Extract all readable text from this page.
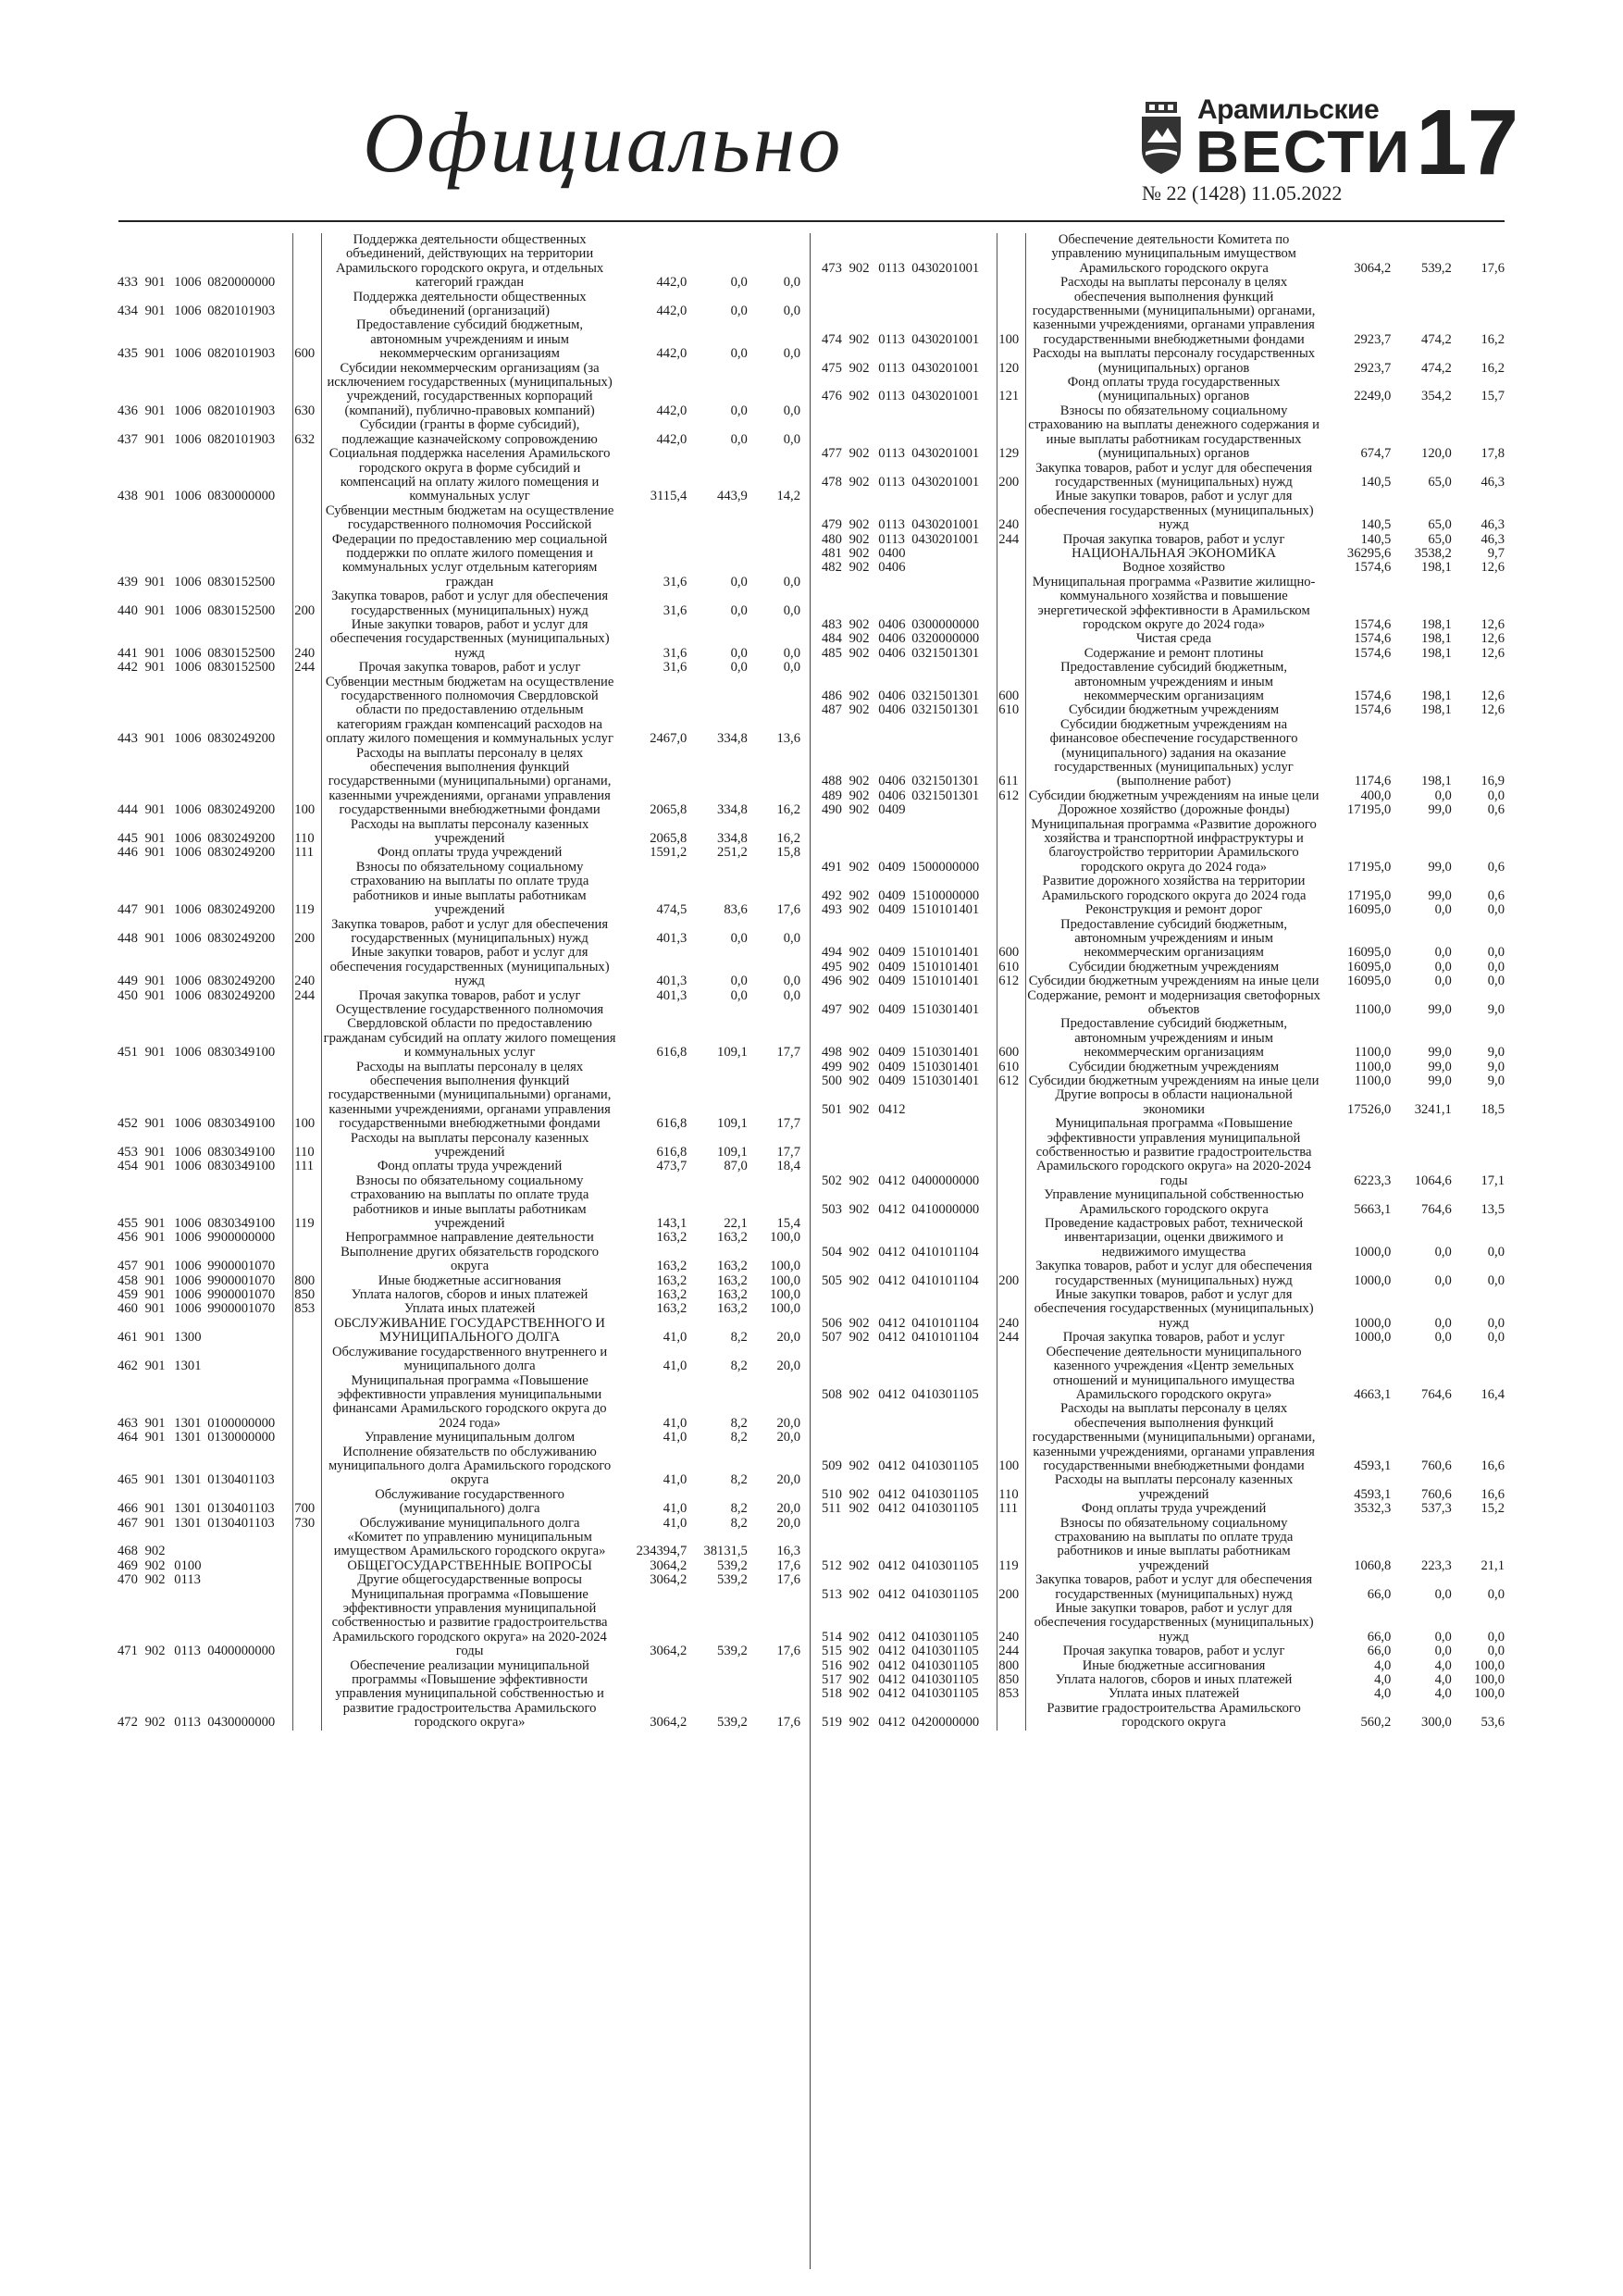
Официально	Арамильские
ВЕСТИ
№ 22 (1428) 11.05.2022 17
433	901	1006	0820000000		Поддержка деятельности общественных объединений, действующих на территории Арамильского городского округа, и отдельных категорий граждан	442,0	0,0	0,0
434	901	1006	0820101903		Поддержка деятельности общественных объединений (организаций)	442,0	0,0	0,0
435	901	1006	0820101903	600	Предоставление субсидий бюджетным, автономным учреждениям и иным некоммерческим организациям	442,0	0,0	0,0
436	901	1006	0820101903	630	Субсидии некоммерческим организациям (за исключением государственных (муниципальных) учреждений, государственных корпораций (компаний), публично-правовых компаний)	442,0	0,0	0,0
437	901	1006	0820101903	632	Субсидии (гранты в форме субсидий), подлежащие казначейскому сопровождению	442,0	0,0	0,0
438	901	1006	0830000000		Социальная поддержка населения Арамильского городского округа в форме субсидий и компенсаций на оплату жилого помещения и коммунальных услуг	3115,4	443,9	14,2
439	901	1006	0830152500		Субвенции местным бюджетам на осуществление государственного полномочия Российской Федерации по предоставлению мер социальной поддержки по оплате жилого помещения и коммунальных услуг отдельным категориям граждан	31,6	0,0	0,0
440	901	1006	0830152500	200	Закупка товаров, работ и услуг для обеспечения государственных (муниципальных) нужд	31,6	0,0	0,0
441	901	1006	0830152500	240	Иные закупки товаров, работ и услуг для обеспечения государственных (муниципальных) нужд	31,6	0,0	0,0
442	901	1006	0830152500	244	Прочая закупка товаров, работ и услуг	31,6	0,0	0,0
443	901	1006	0830249200		Субвенции местным бюджетам на осуществление государственного полномочия Свердловской области по предоставлению отдельным категориям граждан компенсаций расходов на оплату жилого помещения и коммунальных услуг	2467,0	334,8	13,6
444	901	1006	0830249200	100	Расходы на выплаты персоналу в целях обеспечения выполнения функций государственными (муниципальными) органами, казенными учреждениями, органами управления государственными внебюджетными фондами	2065,8	334,8	16,2
445	901	1006	0830249200	110	Расходы на выплаты персоналу казенных учреждений	2065,8	334,8	16,2
446	901	1006	0830249200	111	Фонд оплаты труда учреждений	1591,2	251,2	15,8
447	901	1006	0830249200	119	Взносы по обязательному социальному страхованию на выплаты по оплате труда работников и иные выплаты работникам учреждений	474,5	83,6	17,6
448	901	1006	0830249200	200	Закупка товаров, работ и услуг для обеспечения государственных (муниципальных) нужд	401,3	0,0	0,0
449	901	1006	0830249200	240	Иные закупки товаров, работ и услуг для обеспечения государственных (муниципальных) нужд	401,3	0,0	0,0
450	901	1006	0830249200	244	Прочая закупка товаров, работ и услуг	401,3	0,0	0,0
451	901	1006	0830349100		Осуществление государственного полномочия Свердловской области по предоставлению гражданам субсидий на оплату жилого помещения и коммунальных услуг	616,8	109,1	17,7
452	901	1006	0830349100	100	Расходы на выплаты персоналу в целях обеспечения выполнения функций государственными (муниципальными) органами, казенными учреждениями, органами управления государственными внебюджетными фондами	616,8	109,1	17,7
453	901	1006	0830349100	110	Расходы на выплаты персоналу казенных учреждений	616,8	109,1	17,7
454	901	1006	0830349100	111	Фонд оплаты труда учреждений	473,7	87,0	18,4
455	901	1006	0830349100	119	Взносы по обязательному социальному страхованию на выплаты по оплате труда работников и иные выплаты работникам учреждений	143,1	22,1	15,4
456	901	1006	9900000000		Непрограммное направление деятельности	163,2	163,2	100,0
457	901	1006	9900001070		Выполнение других обязательств городского округа	163,2	163,2	100,0
458	901	1006	9900001070	800	Иные бюджетные ассигнования	163,2	163,2	100,0
459	901	1006	9900001070	850	Уплата налогов, сборов и иных платежей	163,2	163,2	100,0
460	901	1006	9900001070	853	Уплата иных платежей	163,2	163,2	100,0
461	901	1300			ОБСЛУЖИВАНИЕ ГОСУДАРСТВЕННОГО И МУНИЦИПАЛЬНОГО ДОЛГА	41,0	8,2	20,0
462	901	1301			Обслуживание государственного внутреннего и муниципального долга	41,0	8,2	20,0
463	901	1301	0100000000		Муниципальная программа «Повышение эффективности управления муниципальными финансами Арамильского городского округа до 2024 года»	41,0	8,2	20,0
464	901	1301	0130000000		Управление муниципальным долгом	41,0	8,2	20,0
465	901	1301	0130401103		Исполнение обязательств по обслуживанию муниципального долга Арамильского городского округа	41,0	8,2	20,0
466	901	1301	0130401103	700	Обслуживание государственного (муниципального) долга	41,0	8,2	20,0
467	901	1301	0130401103	730	Обслуживание муниципального долга	41,0	8,2	20,0
468	902				«Комитет по управлению муниципальным имуществом Арамильского городского округа»	234394,7	38131,5	16,3
469	902	0100			ОБЩЕГОСУДАРСТВЕННЫЕ ВОПРОСЫ	3064,2	539,2	17,6
470	902	0113			Другие общегосударственные вопросы	3064,2	539,2	17,6
471	902	0113	0400000000		Муниципальная программа «Повышение эффективности управления муниципальной собственностью и развитие градостроительства Арамильского городского округа» на 2020-2024 годы	3064,2	539,2	17,6
472	902	0113	0430000000		Обеспечение реализации муниципальной программы «Повышение эффективности управления муниципальной собственностью и развитие градостроительства Арамильского городского округа»	3064,2	539,2	17,6
473	902	0113	0430201001		Обеспечение деятельности Комитета по управлению муниципальным имуществом Арамильского городского округа	3064,2	539,2	17,6
474	902	0113	0430201001	100	Расходы на выплаты персоналу в целях обеспечения выполнения функций государственными (муниципальными) органами, казенными учреждениями, органами управления государственными внебюджетными фондами	2923,7	474,2	16,2
475	902	0113	0430201001	120	Расходы на выплаты персоналу государственных (муниципальных) органов	2923,7	474,2	16,2
476	902	0113	0430201001	121	Фонд оплаты труда государственных (муниципальных) органов	2249,0	354,2	15,7
477	902	0113	0430201001	129	Взносы по обязательному социальному страхованию на выплаты денежного содержания и иные выплаты работникам государственных (муниципальных) органов	674,7	120,0	17,8
478	902	0113	0430201001	200	Закупка товаров, работ и услуг для обеспечения государственных (муниципальных) нужд	140,5	65,0	46,3
479	902	0113	0430201001	240	Иные закупки товаров, работ и услуг для обеспечения государственных (муниципальных) нужд	140,5	65,0	46,3
480	902	0113	0430201001	244	Прочая закупка товаров, работ и услуг	140,5	65,0	46,3
481	902	0400			НАЦИОНАЛЬНАЯ ЭКОНОМИКА	36295,6	3538,2	9,7
482	902	0406			Водное хозяйство	1574,6	198,1	12,6
483	902	0406	0300000000		Муниципальная программа «Развитие жилищно-коммунального хозяйства и повышение энергетической эффективности в Арамильском городском округе до 2024 года»	1574,6	198,1	12,6
484	902	0406	0320000000		Чистая среда	1574,6	198,1	12,6
485	902	0406	0321501301		Содержание и ремонт плотины	1574,6	198,1	12,6
486	902	0406	0321501301	600	Предоставление субсидий бюджетным, автономным учреждениям и иным некоммерческим организациям	1574,6	198,1	12,6
487	902	0406	0321501301	610	Субсидии бюджетным учреждениям	1574,6	198,1	12,6
488	902	0406	0321501301	611	Субсидии бюджетным учреждениям на финансовое обеспечение государственного (муниципального) задания на оказание государственных (муниципальных) услуг (выполнение работ)	1174,6	198,1	16,9
489	902	0406	0321501301	612	Субсидии бюджетным учреждениям на иные цели	400,0	0,0	0,0
490	902	0409			Дорожное хозяйство (дорожные фонды)	17195,0	99,0	0,6
491	902	0409	1500000000		Муниципальная программа «Развитие дорожного хозяйства и транспортной инфраструктуры и благоустройство территории Арамильского городского округа до 2024 года»	17195,0	99,0	0,6
492	902	0409	1510000000		Развитие дорожного хозяйства на территории Арамильского городского округа до 2024 года	17195,0	99,0	0,6
493	902	0409	1510101401		Реконструкция и ремонт дорог	16095,0	0,0	0,0
494	902	0409	1510101401	600	Предоставление субсидий бюджетным, автономным учреждениям и иным некоммерческим организациям	16095,0	0,0	0,0
495	902	0409	1510101401	610	Субсидии бюджетным учреждениям	16095,0	0,0	0,0
496	902	0409	1510101401	612	Субсидии бюджетным учреждениям на иные цели	16095,0	0,0	0,0
497	902	0409	1510301401		Содержание, ремонт и модернизация светофорных объектов	1100,0	99,0	9,0
498	902	0409	1510301401	600	Предоставление субсидий бюджетным, автономным учреждениям и иным некоммерческим организациям	1100,0	99,0	9,0
499	902	0409	1510301401	610	Субсидии бюджетным учреждениям	1100,0	99,0	9,0
500	902	0409	1510301401	612	Субсидии бюджетным учреждениям на иные цели	1100,0	99,0	9,0
501	902	0412			Другие вопросы в области национальной экономики	17526,0	3241,1	18,5
502	902	0412	0400000000		Муниципальная программа «Повышение эффективности управления муниципальной собственностью и развитие градостроительства Арамильского городского округа» на 2020-2024 годы	6223,3	1064,6	17,1
503	902	0412	0410000000		Управление муниципальной собственностью Арамильского городского округа	5663,1	764,6	13,5
504	902	0412	0410101104		Проведение кадастровых работ, технической инвентаризации, оценки движимого и недвижимого имущества	1000,0	0,0	0,0
505	902	0412	0410101104	200	Закупка товаров, работ и услуг для обеспечения государственных (муниципальных) нужд	1000,0	0,0	0,0
506	902	0412	0410101104	240	Иные закупки товаров, работ и услуг для обеспечения государственных (муниципальных) нужд	1000,0	0,0	0,0
507	902	0412	0410101104	244	Прочая закупка товаров, работ и услуг	1000,0	0,0	0,0
508	902	0412	0410301105		Обеспечение деятельности муниципального казенного учреждения «Центр земельных отношений и муниципального имущества Арамильского городского округа»	4663,1	764,6	16,4
509	902	0412	0410301105	100	Расходы на выплаты персоналу в целях обеспечения выполнения функций государственными (муниципальными) органами, казенными учреждениями, органами управления государственными внебюджетными фондами	4593,1	760,6	16,6
510	902	0412	0410301105	110	Расходы на выплаты персоналу казенных учреждений	4593,1	760,6	16,6
511	902	0412	0410301105	111	Фонд оплаты труда учреждений	3532,3	537,3	15,2
512	902	0412	0410301105	119	Взносы по обязательному социальному страхованию на выплаты по оплате труда работников и иные выплаты работникам учреждений	1060,8	223,3	21,1
513	902	0412	0410301105	200	Закупка товаров, работ и услуг для обеспечения государственных (муниципальных) нужд	66,0	0,0	0,0
514	902	0412	0410301105	240	Иные закупки товаров, работ и услуг для обеспечения государственных (муниципальных) нужд	66,0	0,0	0,0
515	902	0412	0410301105	244	Прочая закупка товаров, работ и услуг	66,0	0,0	0,0
516	902	0412	0410301105	800	Иные бюджетные ассигнования	4,0	4,0	100,0
517	902	0412	0410301105	850	Уплата налогов, сборов и иных платежей	4,0	4,0	100,0
518	902	0412	0410301105	853	Уплата иных платежей	4,0	4,0	100,0
519	902	0412	0420000000		Развитие градостроительства Арамильского городского округа	560,2	300,0	53,6
